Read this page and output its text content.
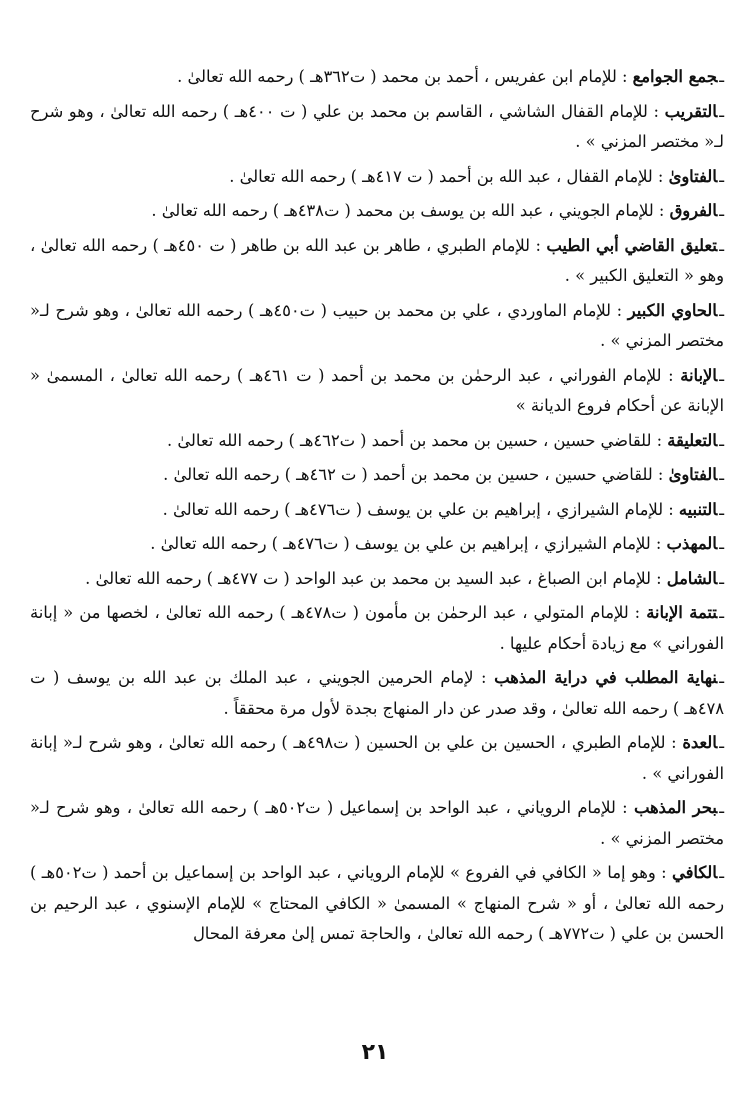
ـجمع الجوامع : للإمام ابن عفريس ، أحمد بن محمد ( ت٣٦٢هـ ) رحمه الله تعالىٰ .

ـالتقريب : للإمام القفال الشاشي ، القاسم بن محمد بن علي ( ت ٤٠٠هـ ) رحمه الله تعالىٰ ، وهو شرح لـ« مختصر المزني » .

ـالفتاوىٰ : للإمام القفال ، عبد الله بن أحمد ( ت ٤١٧هـ ) رحمه الله تعالىٰ .

ـالفروق : للإمام الجويني ، عبد الله بن يوسف بن محمد ( ت٤٣٨هـ ) رحمه الله تعالىٰ .

ـتعليق القاضي أبي الطيب : للإمام الطبري ، طاهر بن عبد الله بن طاهر ( ت ٤٥٠هـ ) رحمه الله تعالىٰ ، وهو « التعليق الكبير » .

ـالحاوي الكبير : للإمام الماوردي ، علي بن محمد بن حبيب ( ت٤٥٠هـ ) رحمه الله تعالىٰ ، وهو شرح لـ« مختصر المزني » .

ـالإبانة : للإمام الفوراني ، عبد الرحمٰن بن محمد بن أحمد ( ت ٤٦١هـ ) رحمه الله تعالىٰ ، المسمىٰ « الإبانة عن أحكام فروع الديانة »

ـالتعليقة : للقاضي حسين ، حسين بن محمد بن أحمد ( ت٤٦٢هـ ) رحمه الله تعالىٰ .

ـالفتاوىٰ : للقاضي حسين ، حسين بن محمد بن أحمد ( ت ٤٦٢هـ ) رحمه الله تعالىٰ .

ـالتنبيه : للإمام الشيرازي ، إبراهيم بن علي بن يوسف ( ت٤٧٦هـ ) رحمه الله تعالىٰ .

ـالمهذب : للإمام الشيرازي ، إبراهيم بن علي بن يوسف ( ت٤٧٦هـ ) رحمه الله تعالىٰ .

ـالشامل : للإمام ابن الصباغ ، عبد السيد بن محمد بن عبد الواحد ( ت ٤٧٧هـ ) رحمه الله تعالىٰ .

ـتتمة الإبانة : للإمام المتولي ، عبد الرحمٰن بن مأمون ( ت٤٧٨هـ ) رحمه الله تعالىٰ ، لخصها من « إبانة الفوراني » مع زيادة أحكام عليها .

ـنهاية المطلب في دراية المذهب : لإمام الحرمين الجويني ، عبد الملك بن عبد الله بن يوسف ( ت ٤٧٨هـ ) رحمه الله تعالىٰ ، وقد صدر عن دار المنهاج بجدة لأول مرة محققاً .

ـالعدة : للإمام الطبري ، الحسين بن علي بن الحسين ( ت٤٩٨هـ ) رحمه الله تعالىٰ ، وهو شرح لـ« إبانة الفوراني » .

ـبحر المذهب : للإمام الروياني ، عبد الواحد بن إسماعيل ( ت٥٠٢هـ ) رحمه الله تعالىٰ ، وهو شرح لـ« مختصر المزني » .

ـالكافي : وهو إما « الكافي في الفروع » للإمام الروياني ، عبد الواحد بن إسماعيل بن أحمد ( ت٥٠٢هـ ) رحمه الله تعالىٰ ، أو « شرح المنهاج » المسمىٰ « الكافي المحتاج » للإمام الإسنوي ، عبد الرحيم بن الحسن بن علي ( ت٧٧٢هـ ) رحمه الله تعالىٰ ، والحاجة تمس إلىٰ معرفة المحال

٢١
